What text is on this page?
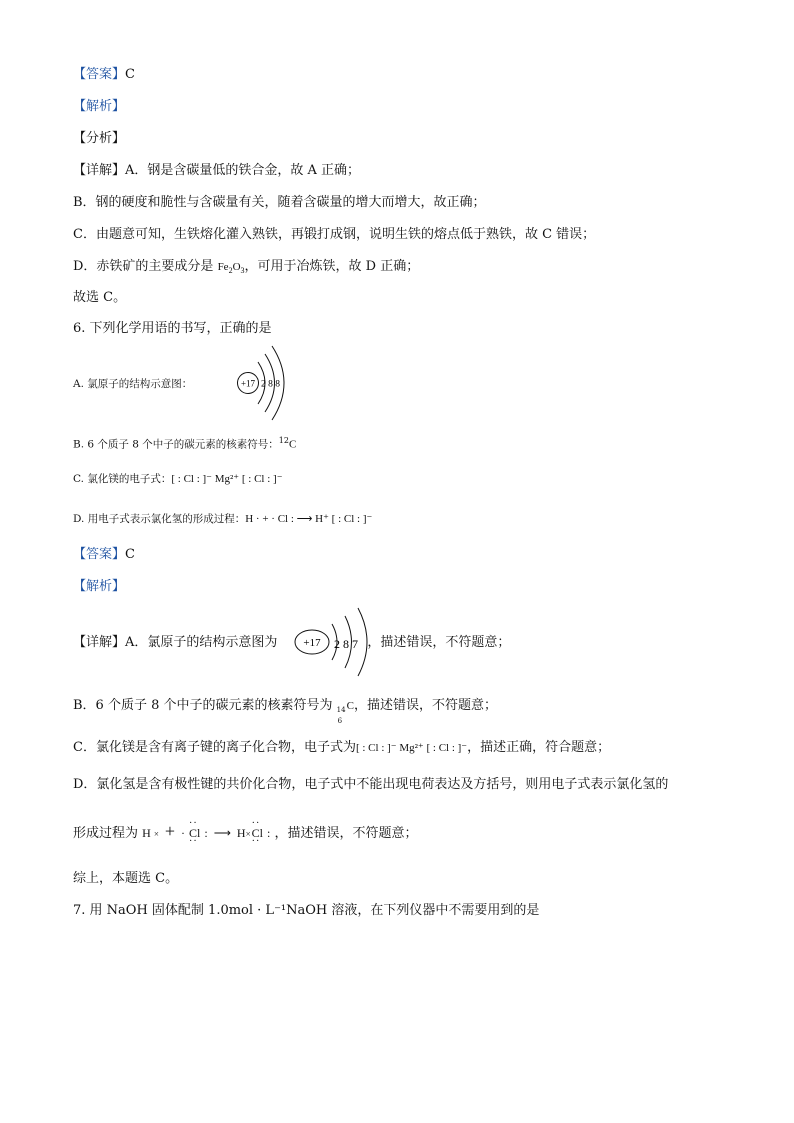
【答案】C
【解析】
【分析】
【详解】A．钢是含碳量低的铁合金，故 A 正确；
B．钢的硬度和脆性与含碳量有关，随着含碳量的增大而增大，故正确；
C．由题意可知，生铁熔化灌入熟铁，再锻打成钢，说明生铁的熔点低于熟铁，故 C 错误；
D．赤铁矿的主要成分是 $Fe_2O_3$，可用于冶炼铁，故 D 正确；
故选 C。
6. 下列化学用语的书写，正确的是
A. 氯原子的结构示意图：	+17 2 8 8
B. 6 个质子 8 个中子的碳元素的核素符号：$^{12}$C
C. 氯化镁的电子式：[ : Cl : ]⁻ Mg²⁺ [ : Cl : ]⁻
D. 用电子式表示氯化氢的形成过程：H · + · Cl : ⟶ H⁺ [ : Cl : ]⁻
【答案】C
【解析】
【详解】A．氯原子的结构示意图为	，描述错误，不符题意；
+17 2 8 7
B．6 个质子 8 个中子的碳元素的核素符号为 14
6
C，描述错误，不符题意；
C．氯化镁是含有离子键的离子化合物，电子式为[ : Cl : ]⁻ Mg²⁺ [ : Cl : ]⁻，描述正确，符合题意；
D．氯化氢是含有极性键的共价化合物，电子式中不能出现电荷表达及方括号，则用电子式表示氯化氢的
形成过程为 H × +  · ·· Cl ·· :  ⟶  H×·· Cl ·· : ，描述错误，不符题意；
综上，本题选 C。
7. 用 NaOH 固体配制 1.0mol · L⁻¹NaOH 溶液，在下列仪器中不需要用到的是
